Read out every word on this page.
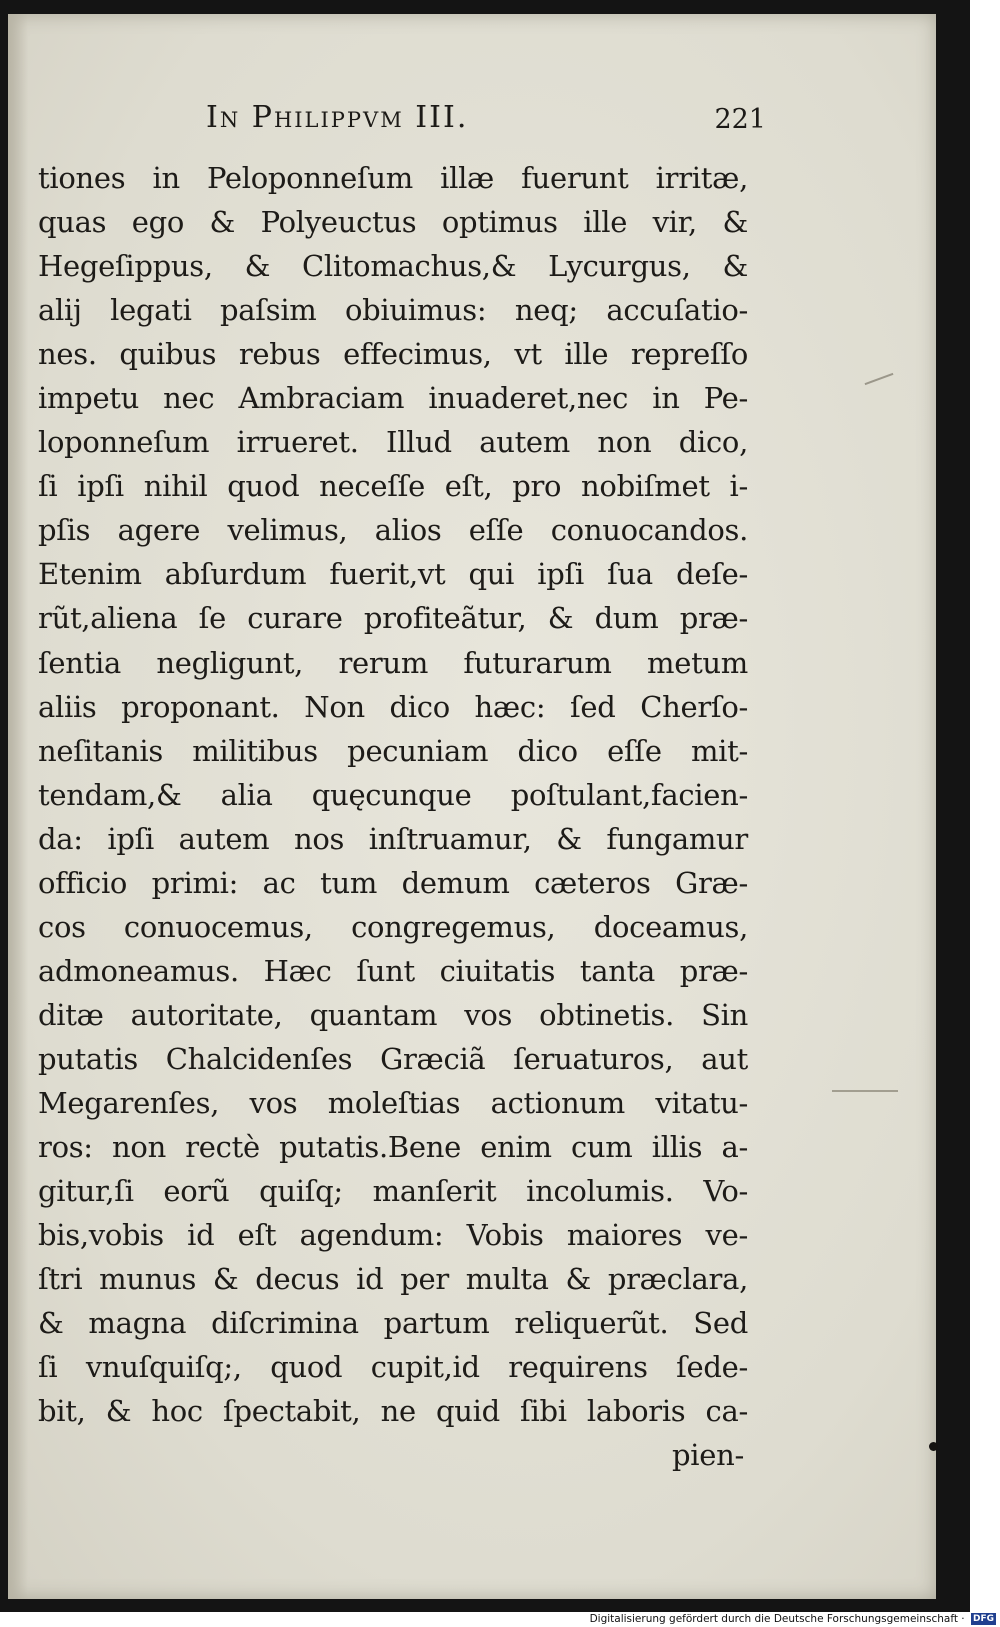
In Philippvm III.	221
tiones in Peloponneſum illæ fuerunt irritæ,
quas ego & Polyeuctus optimus ille vir, &
Hegeſippus, & Clitomachus,& Lycurgus, &
alij legati paſsim obiuimus: neq; accuſatio-
nes. quibus rebus effecimus, vt ille repreſſo
impetu nec Ambraciam inuaderet,nec in Pe-
loponneſum irrueret. Illud autem non dico,
ſi ipſi nihil quod neceſſe eſt, pro nobiſmet i-
pſis agere velimus, alios eſſe conuocandos.
Etenim abſurdum fuerit,vt qui ipſi ſua deſe-
rũt,aliena ſe curare profiteãtur, & dum præ-
ſentia negligunt, rerum futurarum metum
aliis proponant. Non dico hæc: ſed Cherſo-
neſitanis militibus pecuniam dico eſſe mit-
tendam,& alia quęcunque poſtulant,facien-
da: ipſi autem nos inſtruamur, & fungamur
officio primi: ac tum demum cæteros Græ-
cos conuocemus, congregemus, doceamus,
admoneamus. Hæc ſunt ciuitatis tanta præ-
ditæ autoritate, quantam vos obtinetis. Sin
putatis Chalcidenſes Græciã ſeruaturos, aut
Megarenſes, vos moleſtias actionum vitatu-
ros: non rectè putatis.Bene enim cum illis a-
gitur,ſi eorũ quiſq; manſerit incolumis. Vo-
bis,vobis id eſt agendum: Vobis maiores ve-
ſtri munus & decus id per multa & præclara,
& magna diſcrimina partum reliquerũt. Sed
ſi vnuſquiſq;, quod cupit,id requirens ſede-
bit, & hoc ſpectabit, ne quid ſibi laboris ca-
pien-
Digitalisierung gefördert durch die Deutsche Forschungsgemeinschaft · DFG
